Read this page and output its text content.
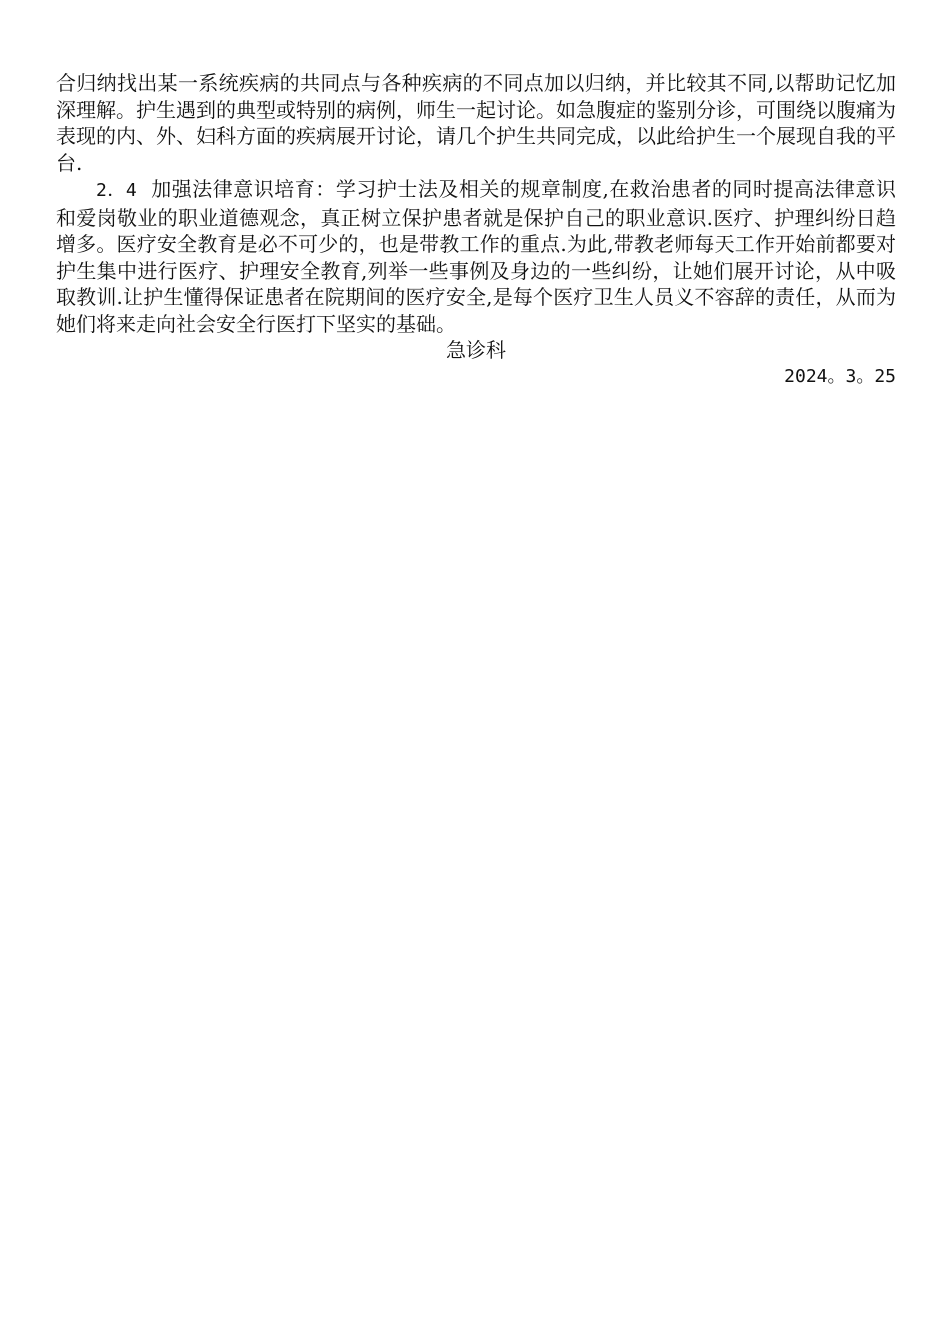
合归纳找出某一系统疾病的共同点与各种疾病的不同点加以归纳，并比较其不同,以帮助记忆加深理解。护生遇到的典型或特别的病例，师生一起讨论。如急腹症的鉴别分诊，可围绕以腹痛为表现的内、外、妇科方面的疾病展开讨论，请几个护生共同完成，以此给护生一个展现自我的平台.

2．4 加强法律意识培育：学习护士法及相关的规章制度,在救治患者的同时提高法律意识和爱岗敬业的职业道德观念，真正树立保护患者就是保护自己的职业意识.医疗、护理纠纷日趋增多。医疗安全教育是必不可少的，也是带教工作的重点.为此,带教老师每天工作开始前都要对护生集中进行医疗、护理安全教育,列举一些事例及身边的一些纠纷，让她们展开讨论，从中吸取教训.让护生懂得保证患者在院期间的医疗安全,是每个医疗卫生人员义不容辞的责任，从而为她们将来走向社会安全行医打下坚实的基础。

急诊科

2024。3。25
